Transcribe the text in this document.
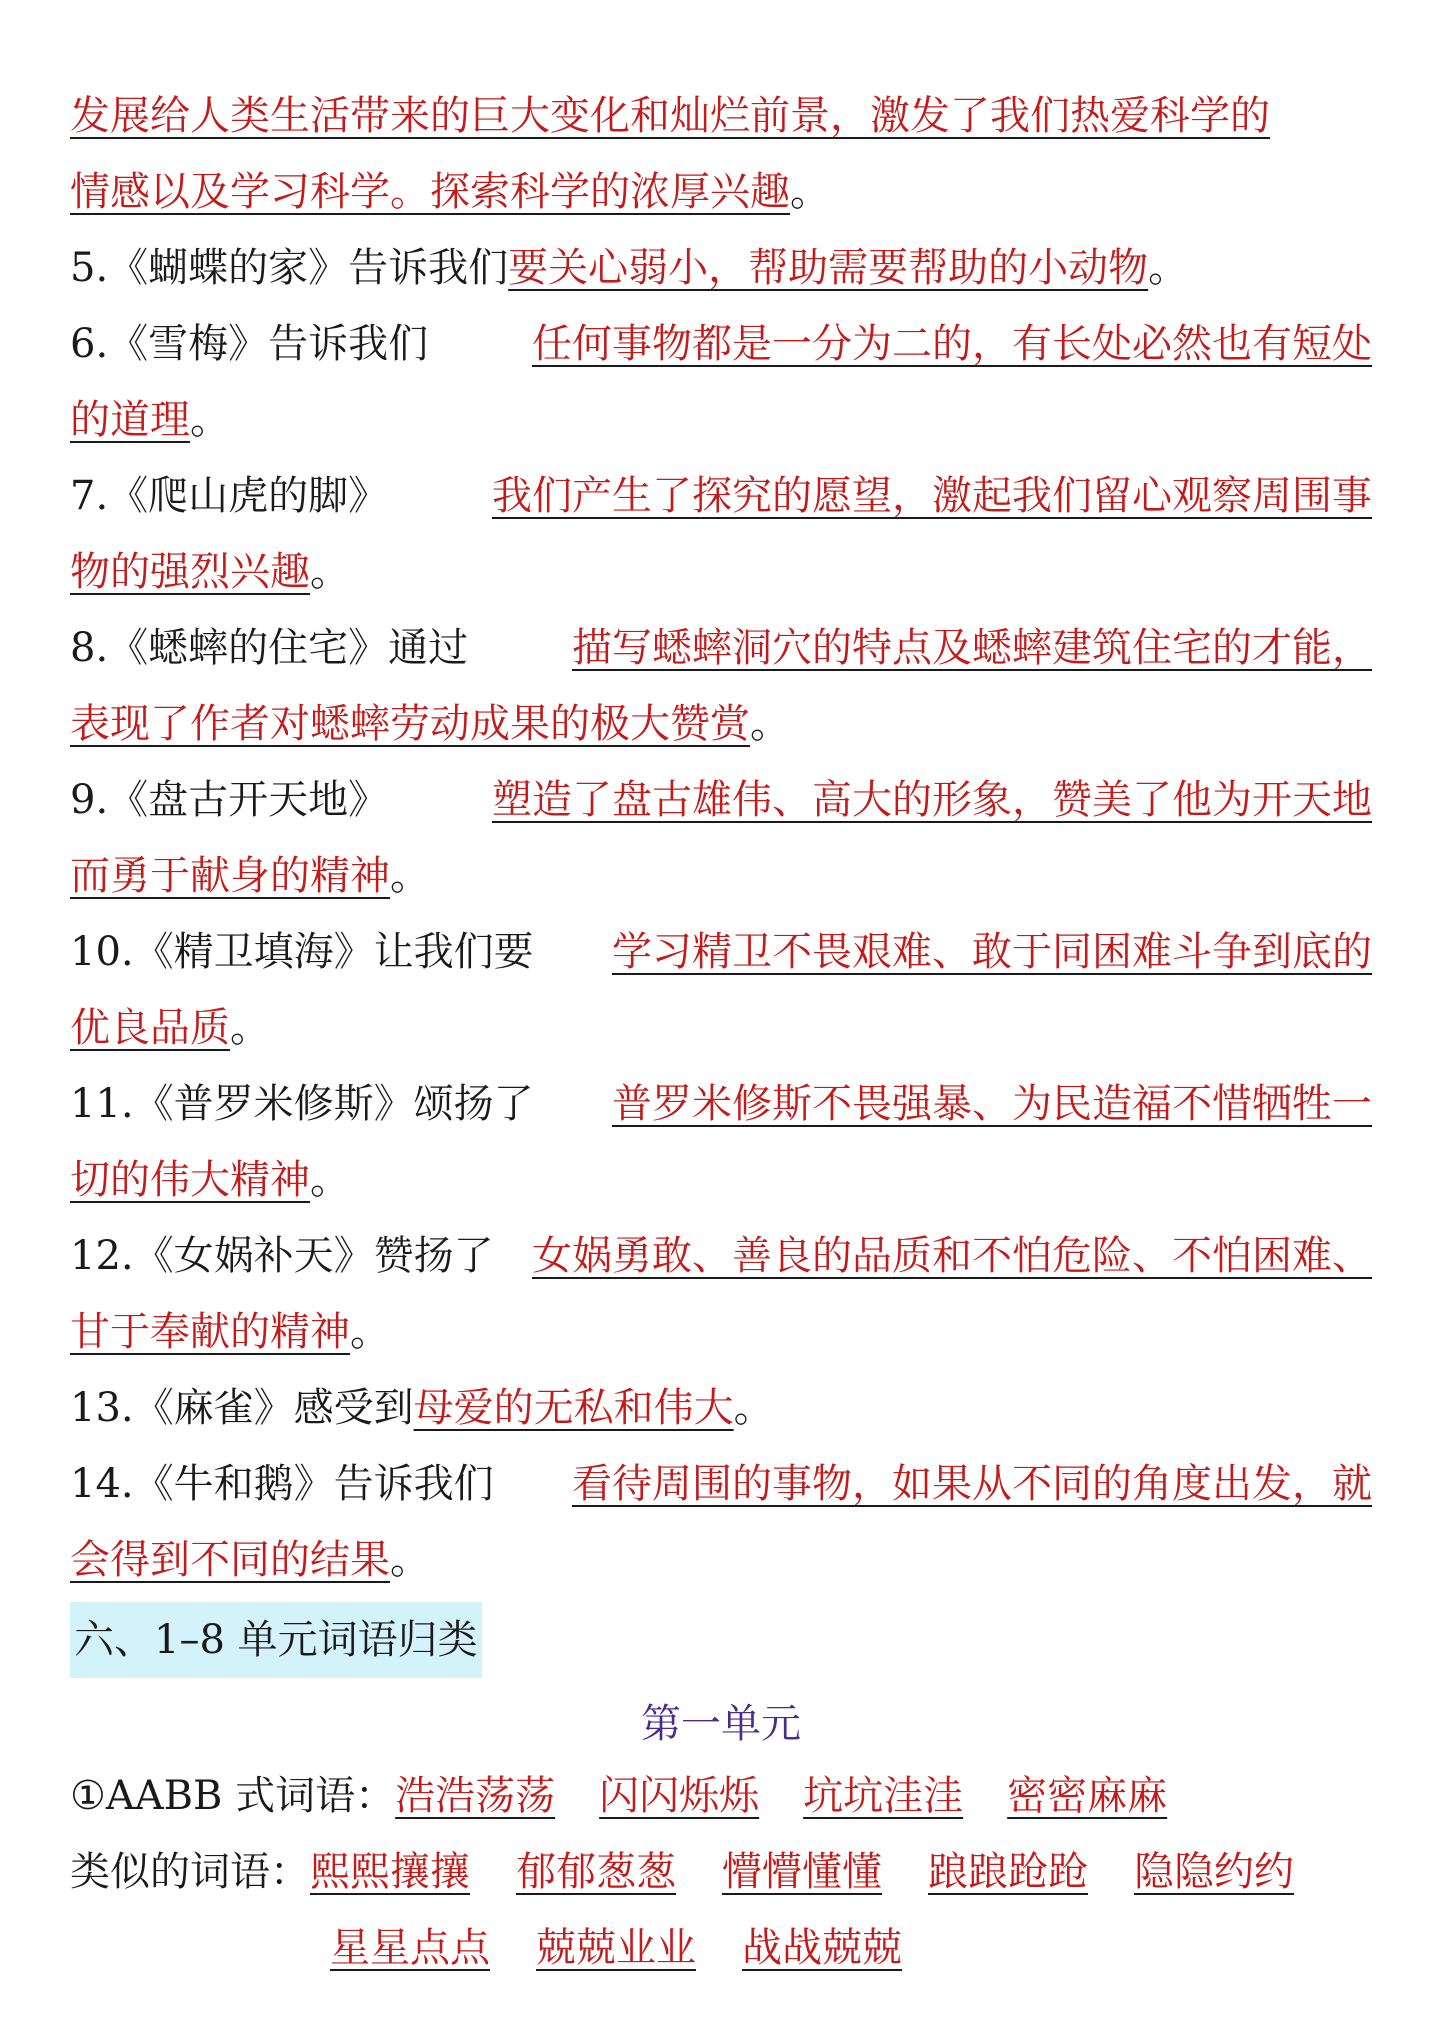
发展给人类生活带来的巨大变化和灿烂前景，激发了我们热爱科学的
情感以及学习科学。探索科学的浓厚兴趣 。
5.《蝴蝶的家》告诉我们 要关心弱小，帮助需要帮助的小动物 。
6.《雪梅》告诉我们	任何事物都是一分为二的，有长处必然也有短处
的道理 。
7.《爬山虎的脚》	我们产生了探究的愿望，激起我们留心观察周围事
物的强烈兴趣 。
8.《蟋蟀的住宅》通过	描写蟋蟀洞穴的特点及蟋蟀建筑住宅的才能，
表现了作者对蟋蟀劳动成果的极大赞赏 。
9.《盘古开天地》	塑造了盘古雄伟、高大的形象，赞美了他为开天地
而勇于献身的精神 。
10.《精卫填海》让我们要 学习精卫不畏艰难、敢于同困难斗争到底的
优良品质 。
11.《普罗米修斯》颂扬了 普罗米修斯不畏强暴、为民造福不惜牺牲一
切的伟大精神 。
12.《女娲补天》赞扬了 女娲勇敢、善良的品质和不怕危险、不怕困难、
甘于奉献的精神 。
13.《麻雀》感受到 母爱的无私和伟大 。
14.《牛和鹅》告诉我们 看待周围的事物，如果从不同的角度出发，就
会得到不同的结果 。
六、1–8 单元词语归类
第一单元
①AABB 式词语： 浩浩荡荡 闪闪烁烁 坑坑洼洼 密密麻麻
类似的词语： 熙熙攘攘 郁郁葱葱 懵懵懂懂 踉踉跄跄 隐隐约约
星星点点 兢兢业业 战战兢兢
